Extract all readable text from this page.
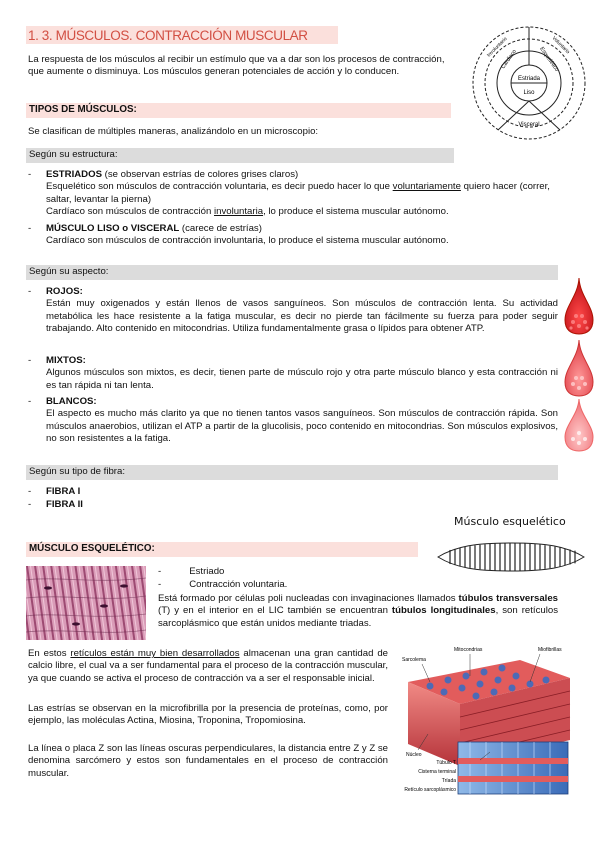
1. 3. MÚSCULOS. CONTRACCIÓN MUSCULAR
La respuesta de los músculos al recibir un estímulo que va a dar son los procesos de contracción, que aumente o disminuya. Los músculos generan potenciales de acción y lo conducen.
Estriada
Liso
Visceral
Esquelético
Cardiaco
Voluntario
Involuntario
TIPOS DE MÚSCULOS:
Se clasifican de múltiples maneras, analizándolo en un microscopio:
Según su estructura:
- ESTRIADOS (se observan estrías de colores grises claros)
Esquelético son músculos de contracción voluntaria, es decir puedo hacer lo que voluntariamente quiero hacer (correr, saltar, levantar la pierna)
Cardíaco son músculos de contracción involuntaria, lo produce el sistema muscular autónomo.
- MÚSCULO LISO o VISCERAL (carece de estrías)
Cardíaco son músculos de contracción involuntaria, lo produce el sistema muscular autónomo.
Según su aspecto:
- ROJOS:
Están muy oxigenados y están llenos de vasos sanguíneos. Son músculos de contracción lenta. Su actividad metabólica les hace resistente a la fatiga muscular, es decir no pierde tan fácilmente su fuerza para poder seguir trabajando. Alto contenido en mitocondrias. Utiliza fundamentalmente grasa o lípidos para obtener ATP.
- MIXTOS:
Algunos músculos son mixtos, es decir, tienen parte de músculo rojo y otra parte músculo blanco y esta contracción ni es tan rápida ni tan lenta.
- BLANCOS:
El aspecto es mucho más clarito ya que no tienen tantos vasos sanguíneos. Son músculos de contracción rápida. Son músculos anaerobios, utilizan el ATP a partir de la glucolisis, poco contenido en mitocondrias. Son músculos explosivos, no son resistentes a la fatiga.
Según su tipo de fibra:
- FIBRA I
- FIBRA II
Músculo esquelético
MÚSCULO ESQUELÉTICO:
-	Estriado
-	Contracción voluntaria.
Está formado por células poli nucleadas con invaginaciones llamados túbulos transversales (T) y en el interior en el LIC también se encuentran túbulos longitudinales, son retículos sarcoplásmico que están unidos mediante triadas.
En estos retículos están muy bien desarrollados almacenan una gran cantidad de calcio libre, el cual va a ser fundamental para el proceso de la contracción muscular, ya que cuando se activa el proceso de contracción va a ser el responsable inicial.
Las estrías se observan en la microfibrilla por la presencia de proteínas, como, por ejemplo, las moléculas Actina, Miosina, Troponina, Tropomiosina.
La línea o placa Z son las líneas oscuras perpendiculares, la distancia entre Z y Z se denomina sarcómero y estos son fundamentales en el proceso de contracción muscular.
Sarcolema
Mitocondrias	Miofibrillas
Núcleo
Túbulo T
Cisterna terminal
Tríada
Retículo sarcoplásmico
